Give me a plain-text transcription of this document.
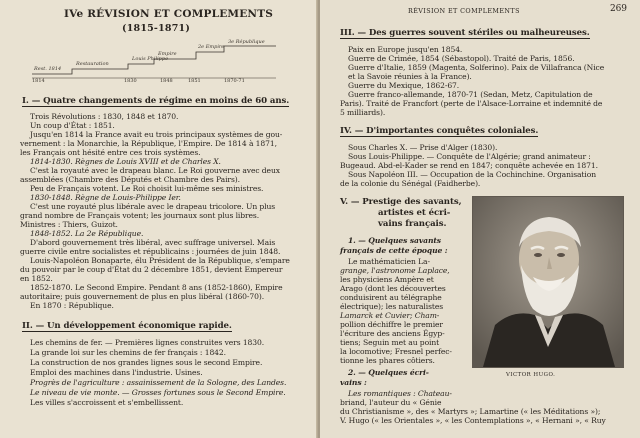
IVe RÉVISION ET COMPLEMENTS
(1815-1871)
Rest. 1814
Restauration
Louis Philippe
Empire
2e Empire
3e République
1814	1830	1848	1851	1870-71
I. — Quatre changements de régime en moins de 60 ans.
Trois Révolutions : 1830, 1848 et 1870.
Un coup d'État : 1851.
Jusqu'en 1814 la France avait eu trois principaux systèmes de gou-
vernement : la Monarchie, la République, l'Empire. De 1814 à 1871,
les Français ont hésité entre ces trois systèmes.
1814-1830. Règnes de Louis XVIII et de Charles X.
C'est la royauté avec le drapeau blanc. Le Roi gouverne avec deux
assemblées (Chambre des Députés et Chambre des Pairs).
Peu de Français votent. Le Roi choisit lui-même ses ministres.
1830-1848. Règne de Louis-Philippe Ier.
C'est une royauté plus libérale avec le drapeau tricolore. Un plus
grand nombre de Français votent; les journaux sont plus libres.
Ministres : Thiers, Guizot.
1848-1852. La 2e République.
D'abord gouvernement très libéral, avec suffrage universel. Mais
guerre civile entre socialistes et républicains : journées de juin 1848.
Louis-Napoléon Bonaparte, élu Président de la République, s'empare
du pouvoir par le coup d'État du 2 décembre 1851, devient Empereur
en 1852.
1852-1870. Le Second Empire. Pendant 8 ans (1852-1860), Empire
autoritaire; puis gouvernement de plus en plus libéral (1860-70).
En 1870 : République.
II. — Un développement économique rapide.
Les chemins de fer. — Premières lignes construites vers 1830.
La grande loi sur les chemins de fer français : 1842.
La construction de nos grandes lignes sous le second Empire.
Emploi des machines dans l'industrie. Usines.
Progrès de l'agriculture : assainissement de la Sologne, des Landes.
Le niveau de vie monte. — Grosses fortunes sous le Second Empire.
Les villes s'accroissent et s'embellissent.
RÉVISION ET COMPLEMENTS	269
III. — Des guerres souvent stériles ou malheureuses.
Paix en Europe jusqu'en 1854.
Guerre de Crimée, 1854 (Sébastopol). Traité de Paris, 1856.
Guerre d'Italie, 1859 (Magenta, Solferino). Paix de Villafranca (Nice
et la Savoie réunies à la France).
Guerre du Mexique, 1862-67.
Guerre franco-allemande, 1870-71 (Sedan, Metz, Capitulation de
Paris). Traité de Francfort (perte de l'Alsace-Lorraine et indemnité de
5 milliards).
IV. — D'importantes conquêtes coloniales.
Sous Charles X. — Prise d'Alger (1830).
Sous Louis-Philippe. — Conquête de l'Algérie; grand animateur :
Bugeaud. Abd-el-Kader se rend en 1847; conquête achevée en 1871.
Sous Napoléon III. — Occupation de la Cochinchine. Organisation
de la colonie du Sénégal (Faidherbe).
V. — Prestige des savants,
artistes et écri-
vains français.
1. — Quelques savants
français de cette époque :
Le mathématicien La-
grange, l'astronome Laplace,
les physiciens Ampère et
Arago (dont les découvertes
conduisirent au télégraphe
électrique); les naturalistes
Lamarck et Cuvier; Cham-
pollion déchiffre le premier
l'écriture des anciens Égyp-
tiens; Seguin met au point
la locomotive; Fresnel perfec-
tionne les phares côtiers.
2. — Quelques écri-
vains :
Les romantiques : Chateau-
briand, l'auteur du « Génie
du Christianisme », des « Martyrs »; Lamartine (« les Méditations »);
V. Hugo (« les Orientales », « les Contemplations », « Hernani », « Ruy
VICTOR HUGO.
